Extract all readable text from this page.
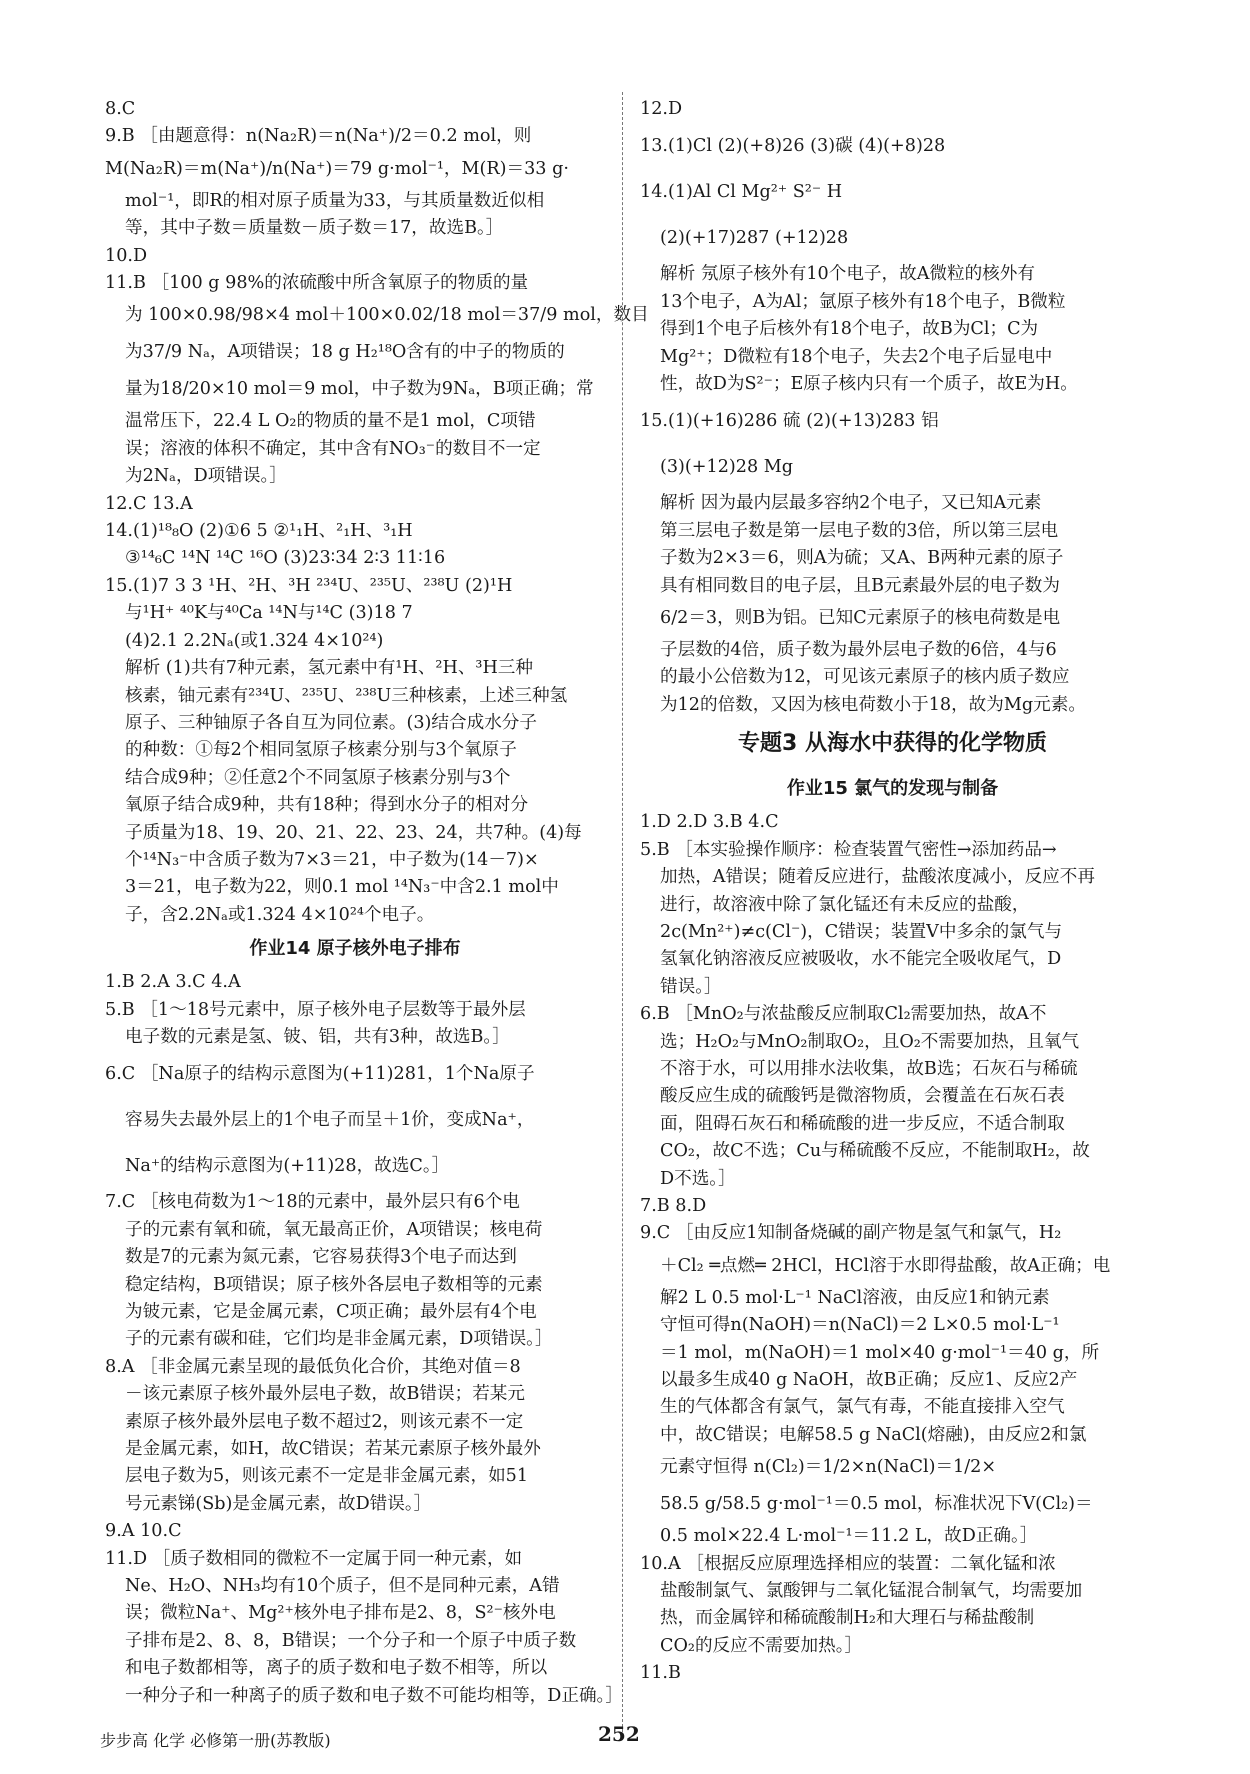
8.C
9.B ［由题意得：n(Na₂R)＝n(Na⁺)/2＝0.2 mol，则
M(Na₂R)＝m(Na⁺)/n(Na⁺)＝79 g·mol⁻¹，M(R)＝33 g·
mol⁻¹，即R的相对原子质量为33，与其质量数近似相
等，其中子数＝质量数－质子数＝17，故选B。］
10.D
11.B ［100 g 98%的浓硫酸中所含氧原子的物质的量
为 100×0.98/98×4 mol＋100×0.02/18 mol＝37/9 mol，数目
为37/9 Nₐ，A项错误；18 g H₂¹⁸O含有的中子的物质的
量为18/20×10 mol＝9 mol，中子数为9Nₐ，B项正确；常
温常压下，22.4 L O₂的物质的量不是1 mol，C项错
误；溶液的体积不确定，其中含有NO₃⁻的数目不一定
为2Nₐ，D项错误。］
12.C 13.A
14.(1)¹⁸₈O (2)①6 5 ②¹₁H、²₁H、³₁H
③¹⁴₆C ¹⁴N ¹⁴C ¹⁶O (3)23∶34 2∶3 11∶16
15.(1)7 3 3 ¹H、²H、³H ²³⁴U、²³⁵U、²³⁸U (2)¹H
与¹H⁺ ⁴⁰K与⁴⁰Ca ¹⁴N与¹⁴C (3)18 7
(4)2.1 2.2Nₐ(或1.324 4×10²⁴)
解析 (1)共有7种元素，氢元素中有¹H、²H、³H三种
核素，铀元素有²³⁴U、²³⁵U、²³⁸U三种核素，上述三种氢
原子、三种铀原子各自互为同位素。(3)结合成水分子
的种数：①每2个相同氢原子核素分别与3个氧原子
结合成9种；②任意2个不同氢原子核素分别与3个
氧原子结合成9种，共有18种；得到水分子的相对分
子质量为18、19、20、21、22、23、24，共7种。(4)每
个¹⁴N₃⁻中含质子数为7×3＝21，中子数为(14－7)×
3＝21，电子数为22，则0.1 mol ¹⁴N₃⁻中含2.1 mol中
子，含2.2Nₐ或1.324 4×10²⁴个电子。
作业14 原子核外电子排布
1.B 2.A 3.C 4.A
5.B ［1～18号元素中，原子核外电子层数等于最外层
电子数的元素是氢、铍、铝，共有3种，故选B。］
6.C ［Na原子的结构示意图为(+11)281，1个Na原子
容易失去最外层上的1个电子而呈＋1价，变成Na⁺，
Na⁺的结构示意图为(+11)28，故选C。］
7.C ［核电荷数为1～18的元素中，最外层只有6个电
子的元素有氧和硫，氧无最高正价，A项错误；核电荷
数是7的元素为氮元素，它容易获得3个电子而达到
稳定结构，B项错误；原子核外各层电子数相等的元素
为铍元素，它是金属元素，C项正确；最外层有4个电
子的元素有碳和硅，它们均是非金属元素，D项错误。］
8.A ［非金属元素呈现的最低负化合价，其绝对值＝8
－该元素原子核外最外层电子数，故B错误；若某元
素原子核外最外层电子数不超过2，则该元素不一定
是金属元素，如H，故C错误；若某元素原子核外最外
层电子数为5，则该元素不一定是非金属元素，如51
号元素锑(Sb)是金属元素，故D错误。］
9.A 10.C
11.D ［质子数相同的微粒不一定属于同一种元素，如
Ne、H₂O、NH₃均有10个质子，但不是同种元素，A错
误；微粒Na⁺、Mg²⁺核外电子排布是2、8，S²⁻核外电
子排布是2、8、8，B错误；一个分子和一个原子中质子数
和电子数都相等，离子的质子数和电子数不相等，所以
一种分子和一种离子的质子数和电子数不可能均相等，D正确。］
12.D
13.(1)Cl (2)(+8)26 (3)碳 (4)(+8)28
14.(1)Al Cl Mg²⁺ S²⁻ H
(2)(+17)287 (+12)28
解析 氖原子核外有10个电子，故A微粒的核外有
13个电子，A为Al；氩原子核外有18个电子，B微粒
得到1个电子后核外有18个电子，故B为Cl；C为
Mg²⁺；D微粒有18个电子，失去2个电子后显电中
性，故D为S²⁻；E原子核内只有一个质子，故E为H。
15.(1)(+16)286 硫 (2)(+13)283 铝
(3)(+12)28 Mg
解析 因为最内层最多容纳2个电子，又已知A元素
第三层电子数是第一层电子数的3倍，所以第三层电
子数为2×3＝6，则A为硫；又A、B两种元素的原子
具有相同数目的电子层，且B元素最外层的电子数为
6/2＝3，则B为铝。已知C元素原子的核电荷数是电
子层数的4倍，质子数为最外层电子数的6倍，4与6
的最小公倍数为12，可见该元素原子的核内质子数应
为12的倍数，又因为核电荷数小于18，故为Mg元素。
专题3 从海水中获得的化学物质
作业15 氯气的发现与制备
1.D 2.D 3.B 4.C
5.B ［本实验操作顺序：检查装置气密性→添加药品→
加热，A错误；随着反应进行，盐酸浓度减小，反应不再
进行，故溶液中除了氯化锰还有未反应的盐酸，
2c(Mn²⁺)≠c(Cl⁻)，C错误；装置V中多余的氯气与
氢氧化钠溶液反应被吸收，水不能完全吸收尾气，D
错误。］
6.B ［MnO₂与浓盐酸反应制取Cl₂需要加热，故A不
选；H₂O₂与MnO₂制取O₂，且O₂不需要加热，且氧气
不溶于水，可以用排水法收集，故B选；石灰石与稀硫
酸反应生成的硫酸钙是微溶物质，会覆盖在石灰石表
面，阻碍石灰石和稀硫酸的进一步反应，不适合制取
CO₂，故C不选；Cu与稀硫酸不反应，不能制取H₂，故
D不选。］
7.B 8.D
9.C ［由反应1知制备烧碱的副产物是氢气和氯气，H₂
＋Cl₂ ═点燃═ 2HCl，HCl溶于水即得盐酸，故A正确；电
解2 L 0.5 mol·L⁻¹ NaCl溶液，由反应1和钠元素
守恒可得n(NaOH)＝n(NaCl)＝2 L×0.5 mol·L⁻¹
＝1 mol，m(NaOH)＝1 mol×40 g·mol⁻¹＝40 g，所
以最多生成40 g NaOH，故B正确；反应1、反应2产
生的气体都含有氯气，氯气有毒，不能直接排入空气
中，故C错误；电解58.5 g NaCl(熔融)，由反应2和氯
元素守恒得 n(Cl₂)＝1/2×n(NaCl)＝1/2×
58.5 g/58.5 g·mol⁻¹＝0.5 mol，标准状况下V(Cl₂)＝
0.5 mol×22.4 L·mol⁻¹＝11.2 L，故D正确。］
10.A ［根据反应原理选择相应的装置：二氧化锰和浓
盐酸制氯气、氯酸钾与二氧化锰混合制氧气，均需要加
热，而金属锌和稀硫酸制H₂和大理石与稀盐酸制
CO₂的反应不需要加热。］
11.B
步步高 化学 必修第一册(苏教版)	252
